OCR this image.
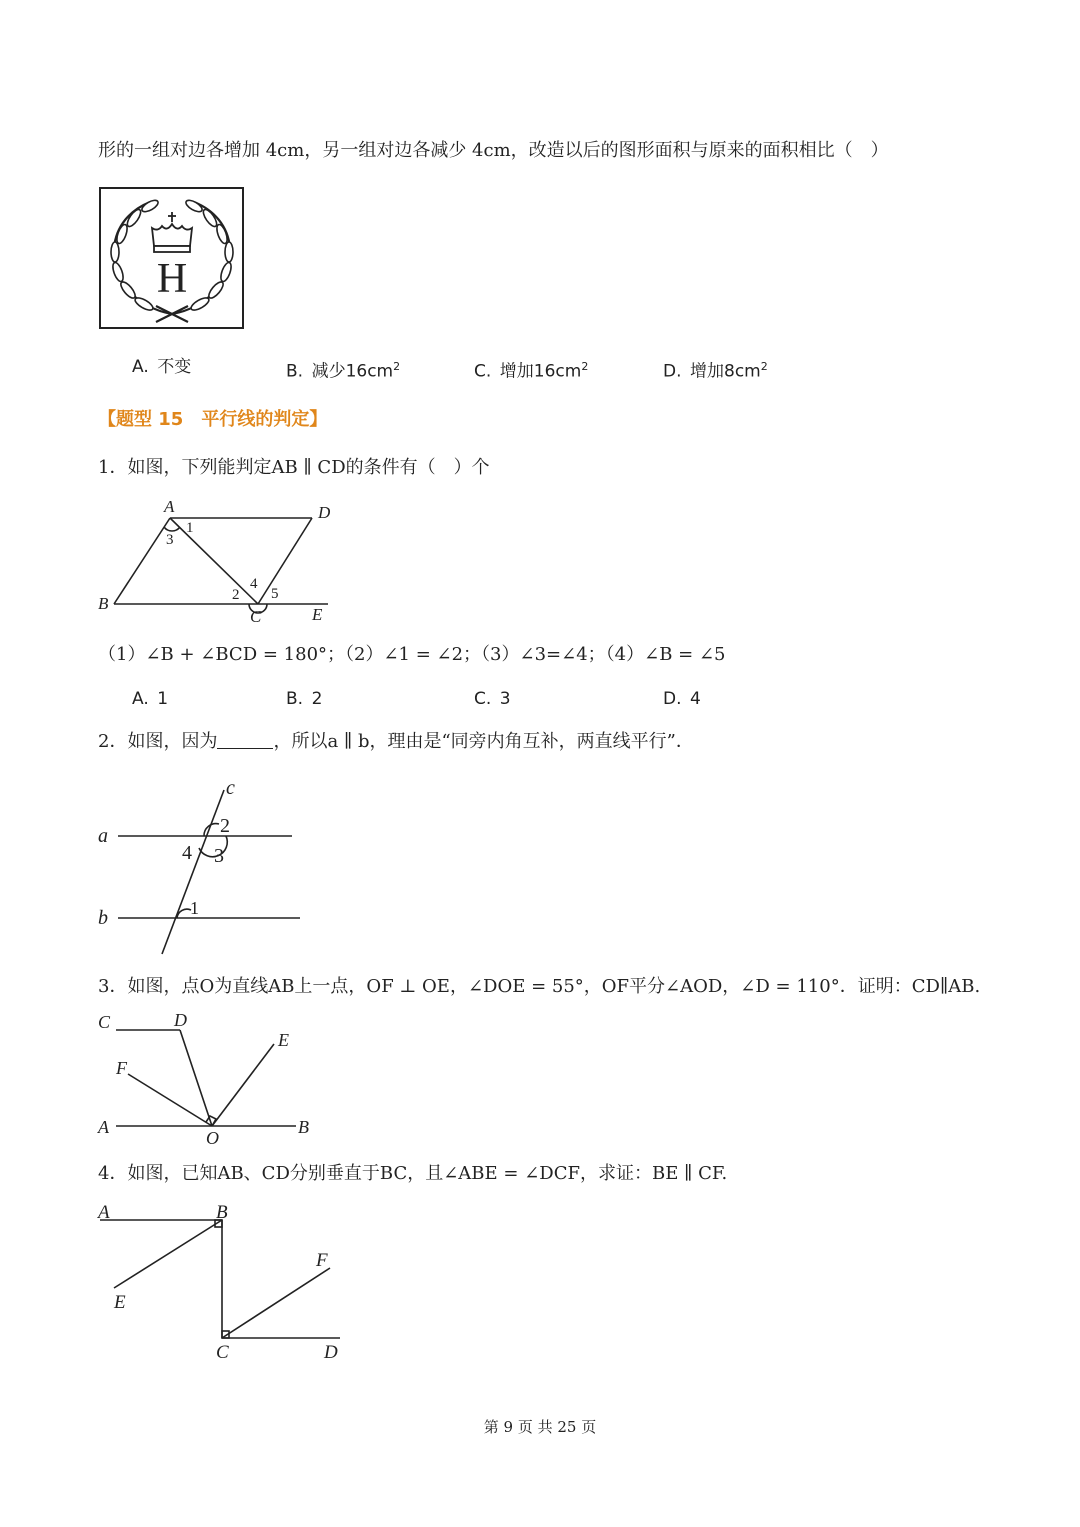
形的一组对边各增加 4cm，另一组对边各减少 4cm，改造以后的图形面积与原来的面积相比（　）
H
A.  不变	B.  减少$16cm^2$	C.  增加$16cm^2$	D.  增加$8cm^2$
【题型 15　平行线的判定】
1．如图，下列能判定AB ∥ CD的条件有（　）个
A	D
B
C	E
1
2
3
4
5
（1）∠B + ∠BCD = 180°；（2）∠1 = ∠2；（3）∠3=∠4；（4）∠B = ∠5
A.  1	B.  2	C.  3	D.  4
2．如图，因为	，所以a ∥ b，理由是“同旁内角互补，两直线平行”．
a
b
c
1
2
3
4
3．如图，点O为直线AB上一点，OF ⊥ OE，∠DOE = 55°，OF平分∠AOD，∠D = 110°．证明：CD∥AB.
C	D
E
F
A	B
O
4．如图，已知AB、CD分别垂直于BC，且∠ABE = ∠DCF，求证：BE ∥ CF.
A	B
E
F
C	D
第 9 页 共 25 页
